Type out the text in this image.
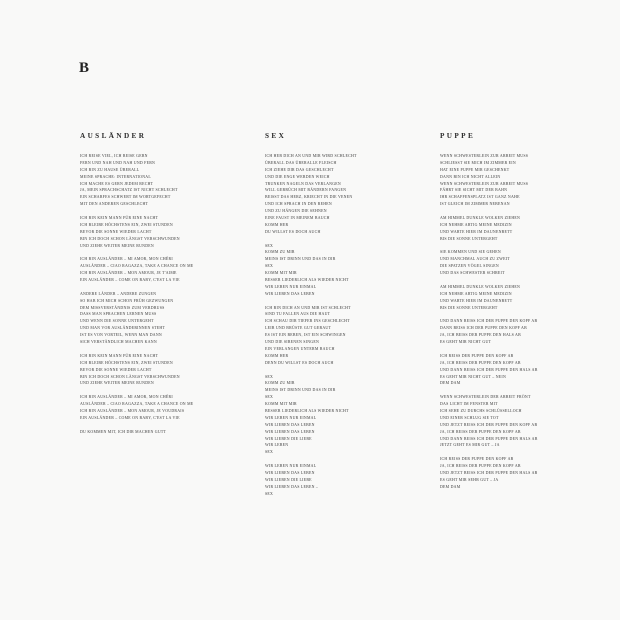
B
AUSLÄNDER
ICH REISE VIEL, ICH REISE GERN
FERN UND NAH UND NAH UND FERN
ICH BIN ZU HAUSE ÜBERALL
MEINE SPRACHE: INTERNATIONAL
ICH MACHE ES GERN JEDEM RECHT
JA, MEIN SPRACHSCHATZ IST NICHT SCHLECHT
EIN SCHARFES SCHWERT IM WORTGEFECHT
MIT DEN ANDEREN GESCHLECHT
ICH BIN KEIN MANN FÜR EINE NACHT
ICH BLEIBE HÖCHSTENS EIN, ZWEI STUNDEN
BEVOR DIE SONNE WIEDER LACHT
BIN ICH DOCH SCHON LÄNGST VERSCHWUNDEN
UND ZIEHE WEITER MEINE RUNDEN
ICH BIN AUSLÄNDER – MI AMOR, MON CHÉRI
AUSLÄNDER – CIAO RAGAZZA, TAKE A CHANCE ON ME
ICH BIN AUSLÄNDER – MON AMOUR, JE T'AIME
EIN AUSLÄNDER – COME ON BABY, C'EST LA VIE
ANDERE LÄNDER – ANDERE ZUNGEN
SO HAB ICH MICH SCHON FRÜH GEZWUNGEN
DEM MISSVERSTÄNDNIS ZUM VERDRUSS
DASS MAN SPRACHEN LERNEN MUSS
UND WENN DIE SONNE UNTERGEHT
UND MAN VOR AUSLÄNDERINNEN STEHT
IST ES VON VORTEIL, WENN MAN DANN
SICH VERSTÄNDLICH MACHEN KANN
ICH BIN KEIN MANN FÜR EINE NACHT
ICH BLEIBE HÖCHSTENS EIN, ZWEI STUNDEN
BEVOR DIE SONNE WIEDER LACHT
BIN ICH DOCH SCHON LÄNGST VERSCHWUNDEN
UND ZIEHE WEITER MEINE RUNDEN
ICH BIN AUSLÄNDER – MI AMOR, MON CHÉRI
AUSLÄNDER – CIAO RAGAZZA, TAKE A CHANCE ON ME
ICH BIN AUSLÄNDER – MON AMOUR, JE VOUDRAIS
EIN AUSLÄNDER – COME ON BABY, C'EST LA VIE
DU KOMMEN MIT, ICH DIR MACHEN GUTT
SEX
ICH HEB DICH AN UND MIR WIRD SCHLECHT
ÜBERALL DAS ÜBERALLE FLEISCH
ICH ZIEHE DIR DAS GESCHLECHT
UND DIE ENGE WERDEN WEICH
TRUNKEN NAGELN DAS VERLANGEN
WILL GEBRÜCH MIT BÄNDERN FANGEN
BEISST DAS HERZ, KRIECHT IN DIE VENEN
UND ICH SPRACH IN DEN REHEN
UND ZU HÄNGEN DIE SEHNEN
EINE FAUST IN MEINEM BAUCH
KOMM HER
DU WILLST ES DOCH AUCH
SEX
KOMM ZU MIR
MEINS IST DRINN UND DAS IN DIR
SEX
KOMM MIT MIR
BESSER LIEDERLICH ALS WIEDER NICHT
WIR LEBEN NUR EINMAL
WIR LIEBEN DAS LEBEN
ICH BIN DICH AN UND MIR IST SCHLECHT
SIND TU FALLEN AUS DIE HAUT
ICH SCHAU DIR TIEFER INS GESCHLECHT
LEIB UND BRÜSTE GUT GEBAUT
ES IST EIN BEBEN, IST EIN SCHWINGEN
UND DIE SIRENEN SINGEN
EIN VERLANGEN UNTERM BAUCH
KOMM HER
DENN DU WILLST ES DOCH AUCH
SEX
KOMM ZU MIR
MEINS IST DRINN UND DAS IN DIR
SEX
KOMM MIT MIR
BESSER LIEDERLICH ALS WIEDER NICHT
WIR LEBEN NUR EINMAL
WIR LIEBEN DAS LEBEN
WIR LIEBEN DAS LEBEN
WIR LIEBEN DIE LIEBE
WIR LEBEN
SEX
WIR LEBEN NUR EINMAL
WIR LIEBEN DAS LEBEN
WIR LIEBEN DIE LIEBE
WIR LIEBEN DAS LEBEN –
SEX
PUPPE
WENN SCHWESTERLEIN ZUR ARBEIT MUSS
SCHLIESST SIE MICH IM ZIMMER EIN
HAT EINE PUPPE MIR GESCHENKT
DANN BIN ICH NICHT ALLEIN
WENN SCHWESTERLEIN ZUR ARBEIT MUSS
FÄHRT SIE SICHT MIT DER BAHN
IHR SCHAFFENSPLATZ IST GANZ NAHE
IST GLEICH IM ZIMMER NEBENAN
AM HIMMEL DUNKLE WOLKEN ZIEHEN
ICH NEHME ARTIG MEINE MEDIZIN
UND WARTE HIER IM DAUNENBETT
BIS DIE SONNE UNTERGEHT
SIE KOMMEN UND SIE GEHEN
UND MANCHMAL AUCH ZU ZWEIT
DIE SPATZEN VÖGEL SINGEN
UND DAS SCHWESTER SCHREIT
AM HIMMEL DUNKLE WOLKEN ZIEHEN
ICH NEHME ARTIG MEINE MEDIZIN
UND WARTE HIER IM DAUNENBETT
BIS DIE SONNE UNTERGEHT
UND DANN REISS ICH DER PUPPE DEN KOPF AB
DANN BEISS ICH DER PUPPE DEN KOPF AB
JA, ICH BEISS DER PUPPE DEN HALS AB
ES GEHT MIR NICHT GUT
ICH REISS DER PUPPE DEN KOPF AB
JA, ICH REISS DER PUPPE DEN KOPF AB
UND DANN BEISS ICH DER PUPPE DEN HALS AB
ES GEHT MIR NICHT GUT – NEIN
DEM DAM
WENN SCHWESTERLEIN DER ARBEIT FRÖNT
DAS LICHT IM FENSTER MIT
ICH SEHE ZU DURCHS SCHLÜSSELLOCH
UND EINER SCHLUG SIE TOT
UND JETZT REISS ICH DER PUPPE DEN KOPF AB
JA, ICH REISS DER PUPPE DEN KOPF AB
UND DANN BEISS ICH DER PUPPE DEN HALS AB
JETZT GEHT ES MIR GUT – JA
ICH REISS DER PUPPE DEN KOPF AB
JA, ICH REISS DER PUPPE DEN KOPF AB
UND JETZT BEISS ICH DER PUPPE DEN HALS AB
ES GEHT MIR SEHR GUT – JA
DEM DAM
